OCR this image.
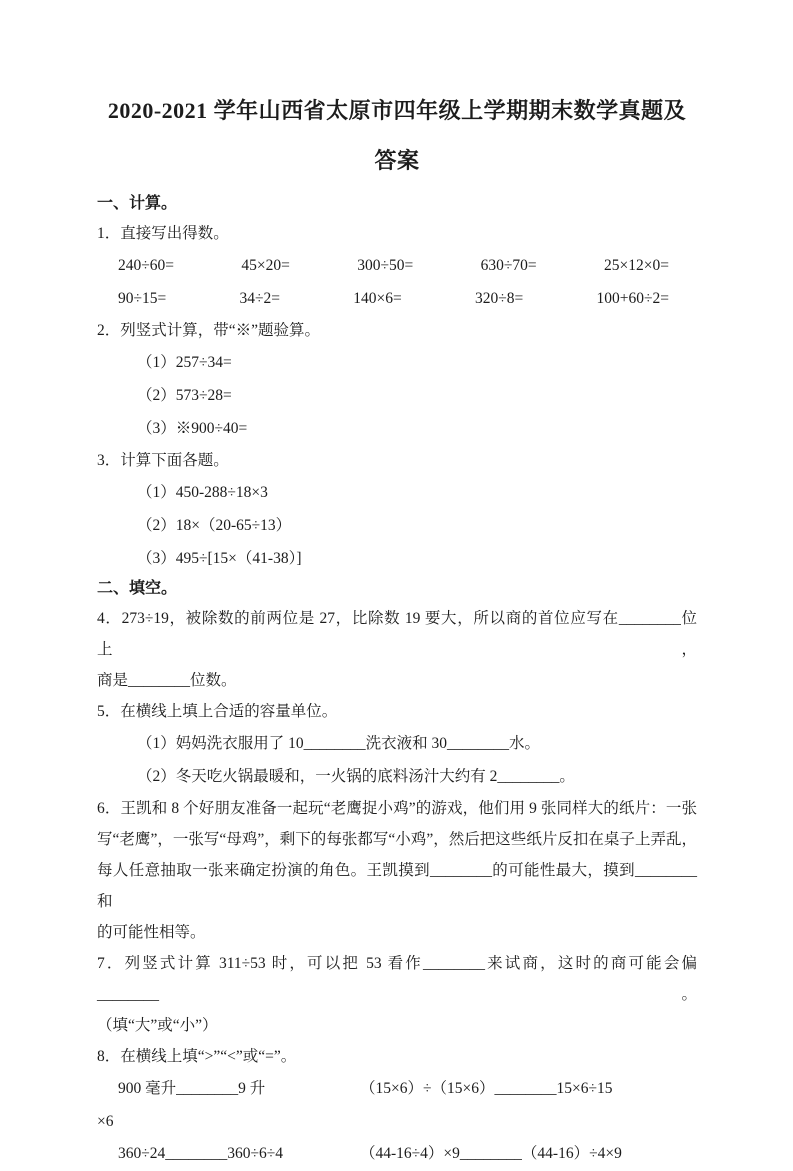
2020-2021 学年山西省太原市四年级上学期期末数学真题及
答案
一、计算。
1．直接写出得数。
240÷60=	45×20=	300÷50=	630÷70=	25×12×0=
90÷15=	34÷2=	140×6=	320÷8=	100+60÷2=
2．列竖式计算，带“※”题验算。
（1）257÷34=
（2）573÷28=
（3）※900÷40=
3．计算下面各题。
（1）450-288÷18×3
（2）18×（20-65÷13）
（3）495÷[15×（41-38）]
二、填空。
4．273÷19，被除数的前两位是 27，比除数 19 要大，所以商的首位应写在________位上，
商是________位数。
5．在横线上填上合适的容量单位。
（1）妈妈洗衣服用了 10________洗衣液和 30________水。
（2）冬天吃火锅最暖和，一火锅的底料汤汁大约有 2________。
6．王凯和 8 个好朋友准备一起玩“老鹰捉小鸡”的游戏，他们用 9 张同样大的纸片：一张
写“老鹰”，一张写“母鸡”，剩下的每张都写“小鸡”，然后把这些纸片反扣在桌子上弄乱，
每人任意抽取一张来确定扮演的角色。王凯摸到________的可能性最大，摸到________和
的可能性相等。
7．列竖式计算 311÷53 时，可以把 53 看作________来试商，这时的商可能会偏________。
（填“大”或“小”）
8．在横线上填“>”“<”或“=”。
900 毫升________9 升	（15×6）÷（15×6）________15×6÷15
×6
360÷24________360÷6÷4	（44-16÷4）×9________（44-16）÷4×9
